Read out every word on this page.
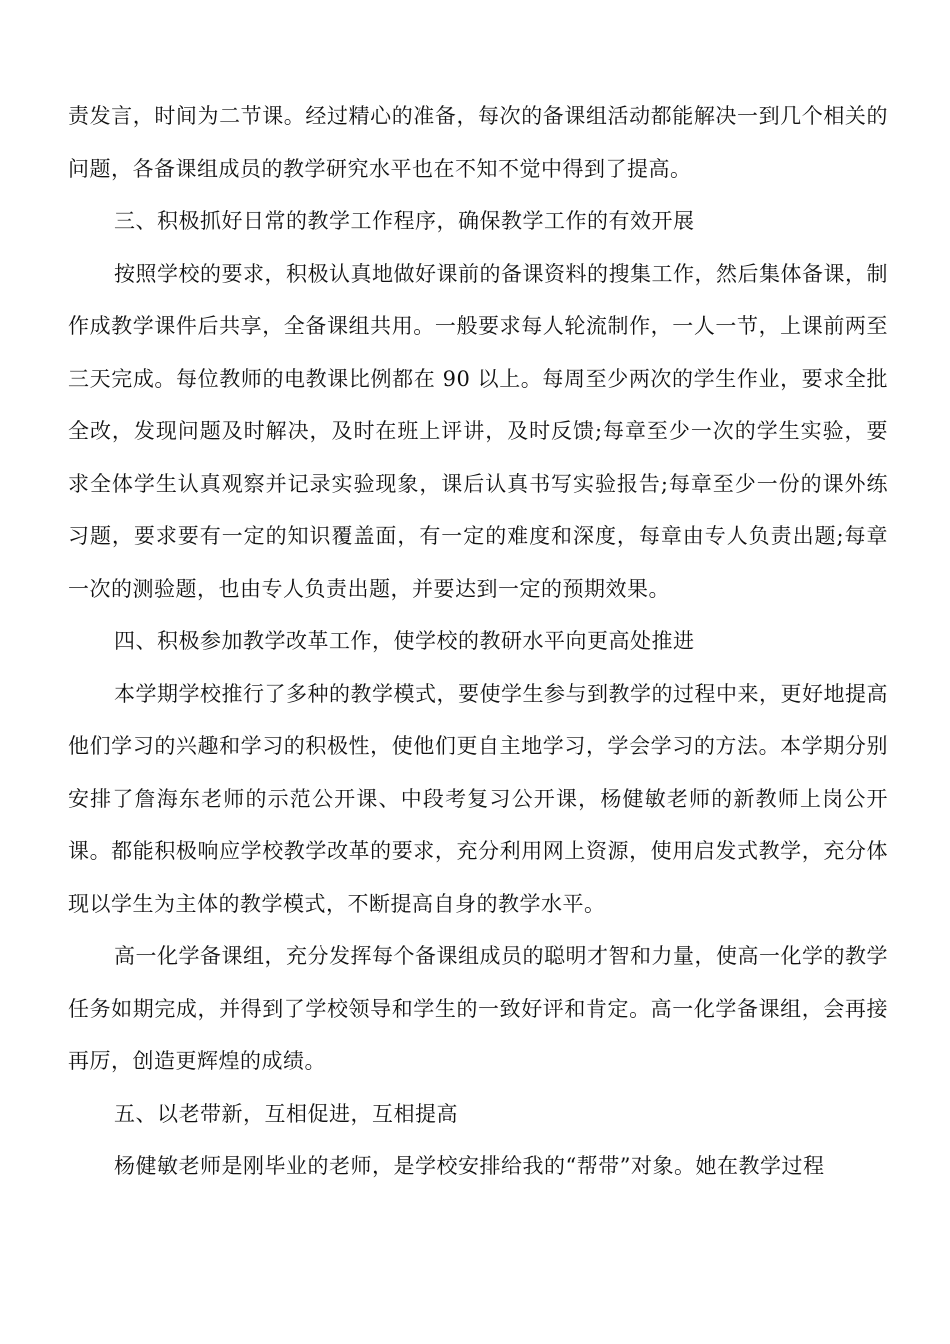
责发言，时间为二节课。经过精心的准备，每次的备课组活动都能解决一到几个相关的问题，各备课组成员的教学研究水平也在不知不觉中得到了提高。

三、积极抓好日常的教学工作程序，确保教学工作的有效开展

按照学校的要求，积极认真地做好课前的备课资料的搜集工作，然后集体备课，制作成教学课件后共享，全备课组共用。一般要求每人轮流制作，一人一节，上课前两至三天完成。每位教师的电教课比例都在 90 以上。每周至少两次的学生作业，要求全批全改，发现问题及时解决，及时在班上评讲，及时反馈;每章至少一次的学生实验，要求全体学生认真观察并记录实验现象，课后认真书写实验报告;每章至少一份的课外练习题，要求要有一定的知识覆盖面，有一定的难度和深度，每章由专人负责出题;每章一次的测验题，也由专人负责出题，并要达到一定的预期效果。

四、积极参加教学改革工作，使学校的教研水平向更高处推进

本学期学校推行了多种的教学模式，要使学生参与到教学的过程中来，更好地提高他们学习的兴趣和学习的积极性，使他们更自主地学习，学会学习的方法。本学期分别安排了詹海东老师的示范公开课、中段考复习公开课，杨健敏老师的新教师上岗公开课。都能积极响应学校教学改革的要求，充分利用网上资源，使用启发式教学，充分体现以学生为主体的教学模式，不断提高自身的教学水平。

高一化学备课组，充分发挥每个备课组成员的聪明才智和力量，使高一化学的教学任务如期完成，并得到了学校领导和学生的一致好评和肯定。高一化学备课组，会再接再厉，创造更辉煌的成绩。

五、以老带新，互相促进，互相提高

杨健敏老师是刚毕业的老师，是学校安排给我的“帮带”对象。她在教学过程
